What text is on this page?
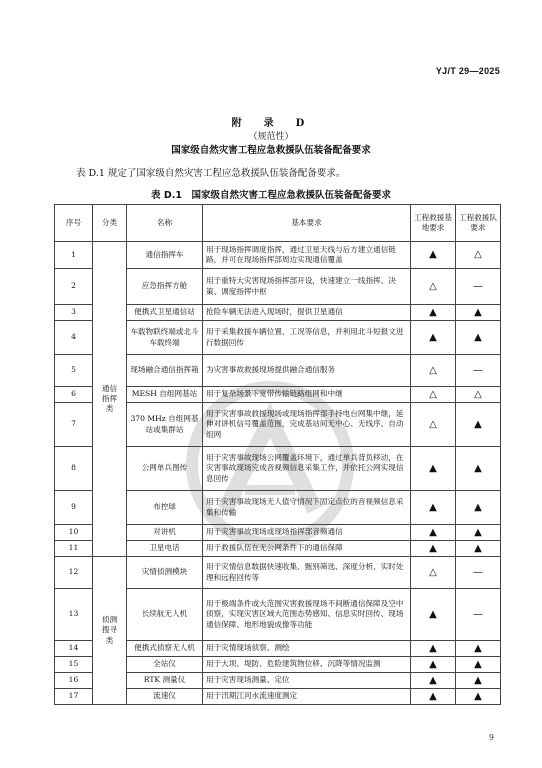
YJ/T 29—2025
附　录　D
（规范性）
国家级自然灾害工程应急救援队伍装备配备要求
表 D.1 规定了国家级自然灾害工程应急救援队伍装备配备要求。
表 D.1　国家级自然灾害工程应急救援队伍装备配备要求
序号	分类	名称	基本要求	工程救援基地要求	工程救援队要求
1	通信指挥类	通信指挥车	用于现场指挥调度指挥，通过卫星天线与后方建立通信链路，并可在现场指挥部周边实现通信覆盖	▲	△
2		应急指挥方舱	用于重特大灾害现场指挥部开设，快速建立一线指挥、决策、调度指挥中枢	△	—
3		便携式卫星通信站	抢险车辆无法进入现场时，提供卫星通信	▲	▲
4		车载物联终端或北斗车载终端	用于采集救援车辆位置、工况等信息，并利用北斗短报文进行数据回传	▲	▲
5		现场融合通信指挥箱	为灾害事故救援现场提供融合通信服务	△	—
6		MESH 自组网基站	用于复杂场景下宽带传输链路组网和中继	△	△
7		370 MHz 自组网基站或集群站	用于灾害事故救援现场或现场指挥部手持电台网集中继，延伸对讲机信号覆盖范围，完成基站间无中心、无线序、自动组网	△	▲
8		公网单兵图传	用于灾害事故现场公网覆盖环境下，通过单兵背负移动，在灾害事故现场完成音视频信息采集工作，并依托公网实现信息回传	▲	▲
9		布控球	用于灾害事故现场无人值守情况下固定点位的音视频信息采集和传输	▲	▲
10		对讲机	用于灾害事故现场或现场指挥部音频通信	▲	▲
11		卫星电话	用于救援队伍在无公网条件下的通信保障	▲	▲
12	侦测搜寻类	灾情侦测模块	用于灾情信息数据快速收集、甄别筛选、深度分析、实时处理和远程回传等	△	—
13		长续航无人机	用于极端条件或大范围灾害救援现场不间断通信保障及空中侦察，实现灾害区域大范围态势感知、信息实时回传、现场通信保障、地形地貌成像等功能	▲	—
14		便携式侦察无人机	用于灾情现场侦察、测绘	▲	▲
15		全站仪	用于大坝、堤防、危险建筑物位移、沉降等情况监测	▲	▲
16		RTK 测量仪	用于灾害现场测量、定位	▲	▲
17		流速仪	用于汛期江河水流速度测定	▲	▲
9
